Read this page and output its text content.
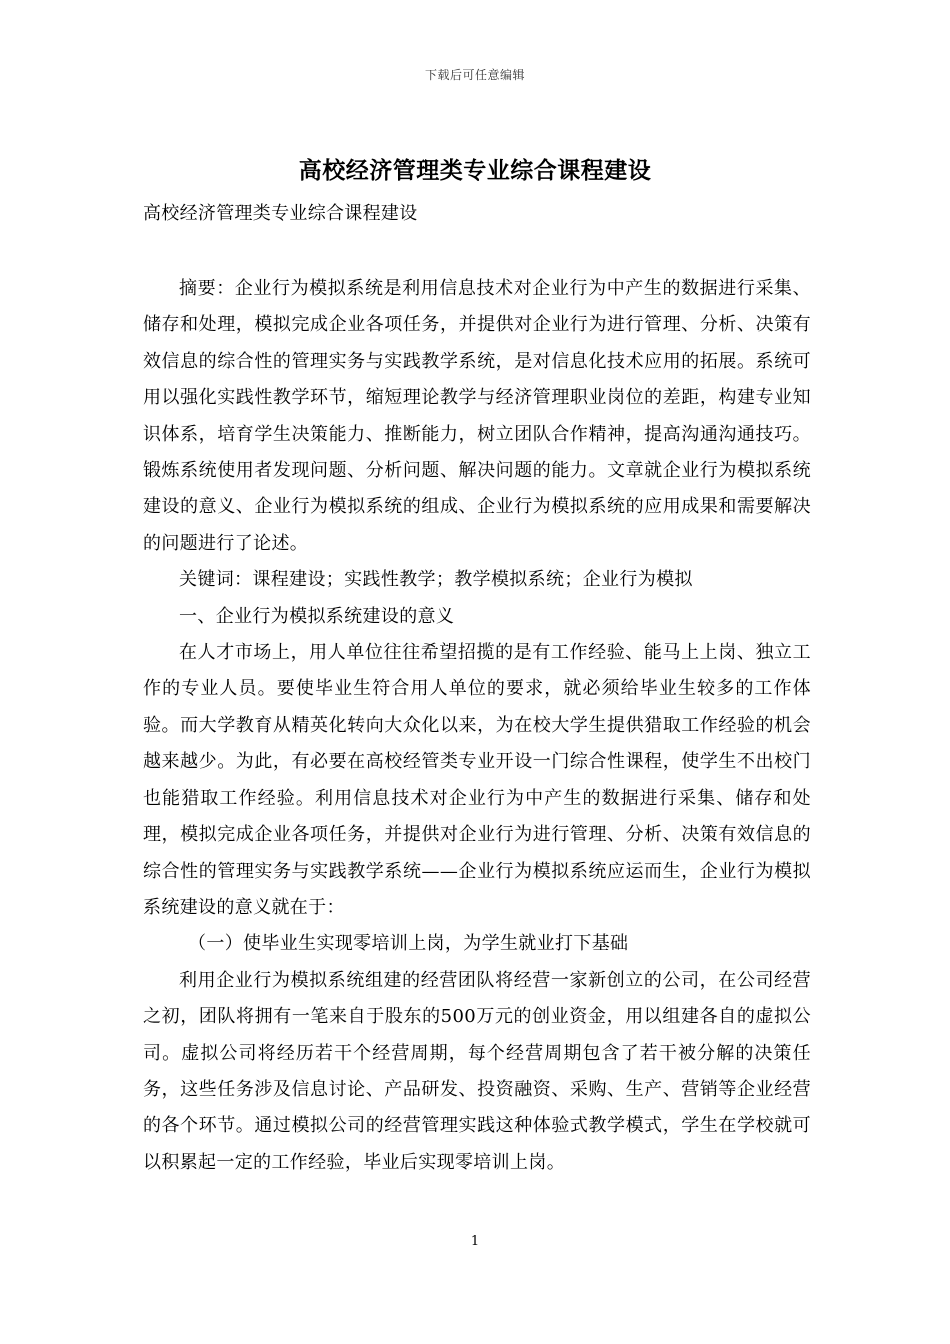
下载后可任意编辑
高校经济管理类专业综合课程建设
高校经济管理类专业综合课程建设

摘要：企业行为模拟系统是利用信息技术对企业行为中产生的数据进行采集、储存和处理，模拟完成企业各项任务，并提供对企业行为进行管理、分析、决策有效信息的综合性的管理实务与实践教学系统，是对信息化技术应用的拓展。系统可用以强化实践性教学环节，缩短理论教学与经济管理职业岗位的差距，构建专业知识体系，培育学生决策能力、推断能力，树立团队合作精神，提高沟通沟通技巧。锻炼系统使用者发现问题、分析问题、解决问题的能力。文章就企业行为模拟系统建设的意义、企业行为模拟系统的组成、企业行为模拟系统的应用成果和需要解决的问题进行了论述。

关键词：课程建设；实践性教学；教学模拟系统；企业行为模拟

一、企业行为模拟系统建设的意义

在人才市场上，用人单位往往希望招揽的是有工作经验、能马上上岗、独立工作的专业人员。要使毕业生符合用人单位的要求，就必须给毕业生较多的工作体验。而大学教育从精英化转向大众化以来，为在校大学生提供猎取工作经验的机会越来越少。为此，有必要在高校经管类专业开设一门综合性课程，使学生不出校门也能猎取工作经验。利用信息技术对企业行为中产生的数据进行采集、储存和处理，模拟完成企业各项任务，并提供对企业行为进行管理、分析、决策有效信息的综合性的管理实务与实践教学系统——企业行为模拟系统应运而生，企业行为模拟系统建设的意义就在于：

（一）使毕业生实现零培训上岗，为学生就业打下基础

利用企业行为模拟系统组建的经营团队将经营一家新创立的公司，在公司经营之初，团队将拥有一笔来自于股东的500万元的创业资金，用以组建各自的虚拟公司。虚拟公司将经历若干个经营周期，每个经营周期包含了若干被分解的决策任务，这些任务涉及信息讨论、产品研发、投资融资、采购、生产、营销等企业经营的各个环节。通过模拟公司的经营管理实践这种体验式教学模式，学生在学校就可以积累起一定的工作经验，毕业后实现零培训上岗。

1
